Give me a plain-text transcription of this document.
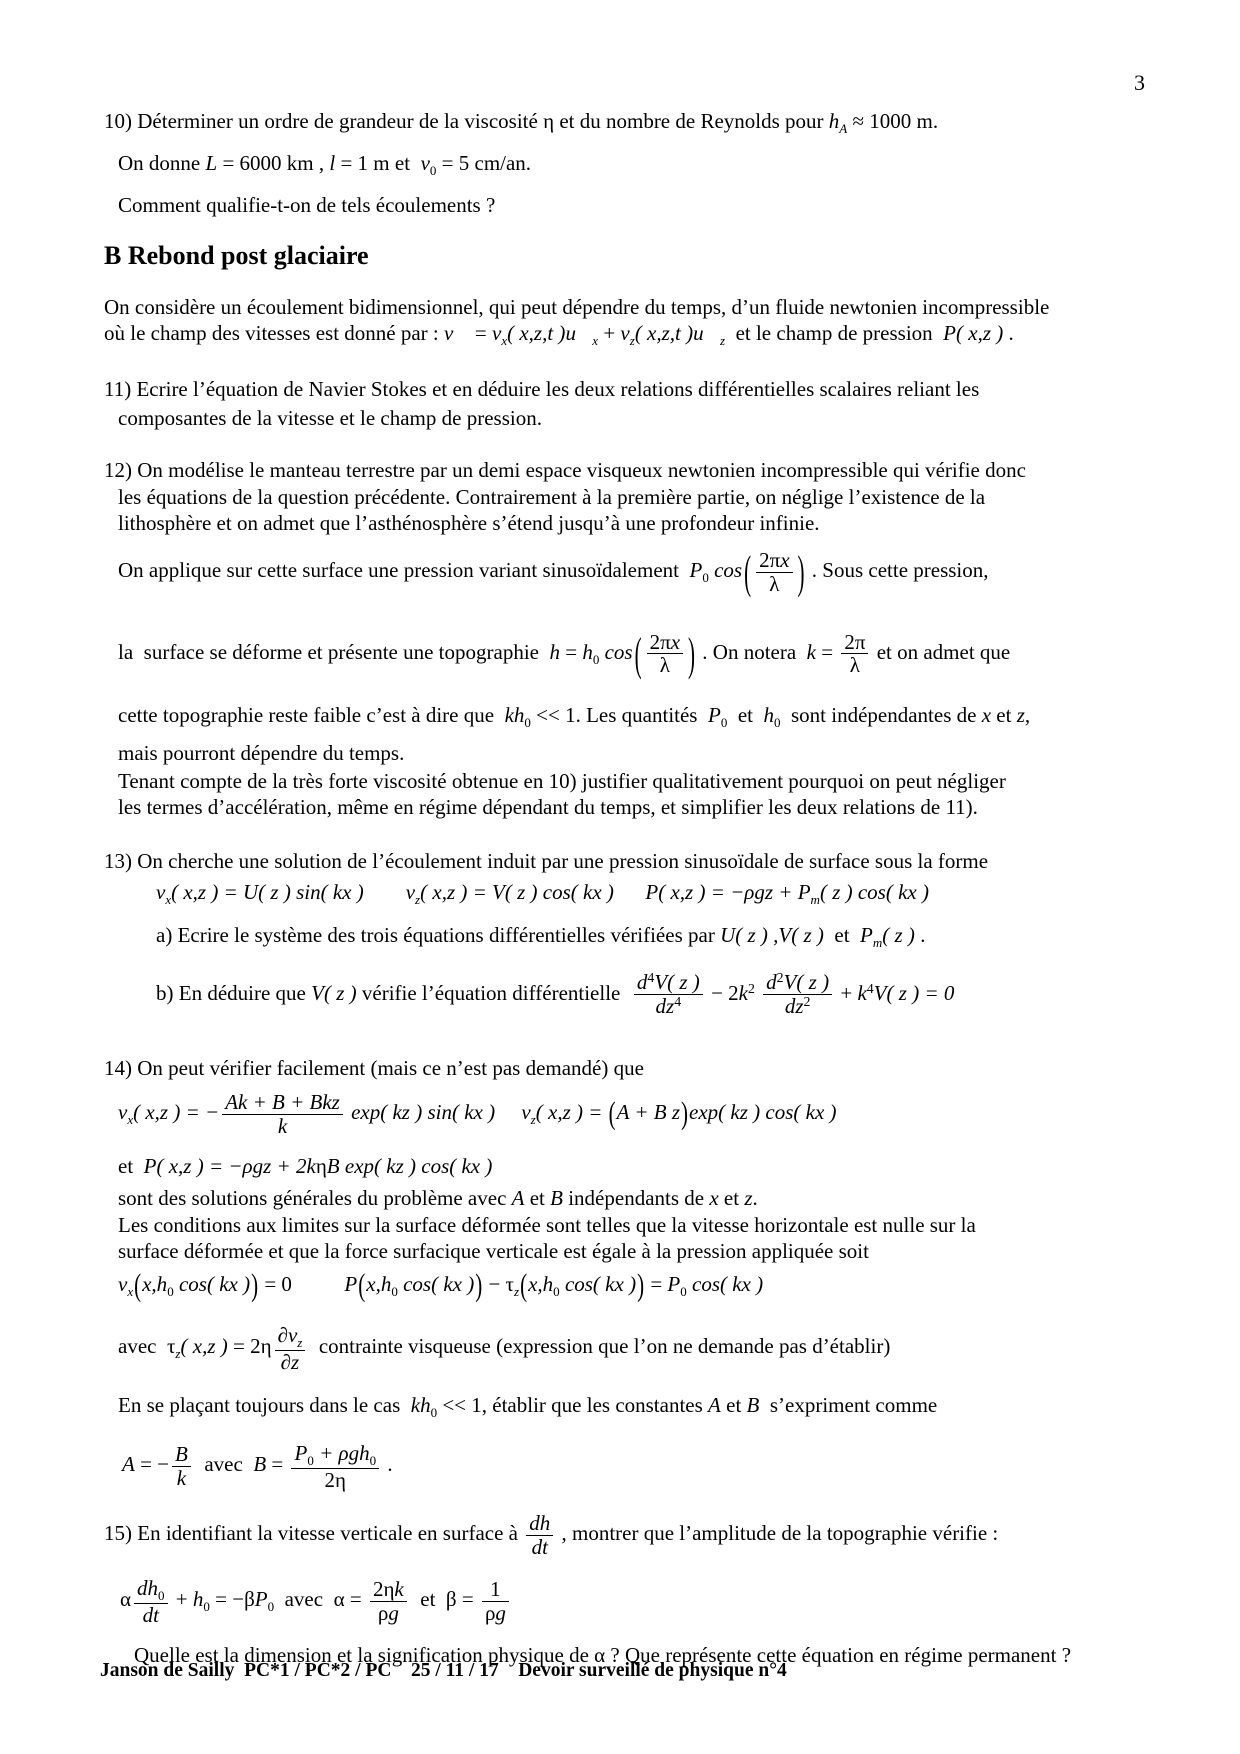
3
10) Déterminer un ordre de grandeur de la viscosité η et du nombre de Reynolds pour $h_A \approx 1000$ m.
On donne L = 6000 km , l = 1 m et  $v_0 = 5$ cm/an.
Comment qualifie-t-on de tels écoulements ?
B Rebond post glaciaire
On considère un écoulement bidimensionnel, qui peut dépendre du temps, d’un fluide newtonien incompressible
où le champ des vitesses est donné par : v⃗ = $v_x$( x,z,t )$u⃗_x + v_z$( x,z,t )$u⃗_z$  et le champ de pression  P( x,z ) .
11) Ecrire l’équation de Navier Stokes et en déduire les deux relations différentielles scalaires reliant les
composantes de la vitesse et le champ de pression.
12) On modélise le manteau terrestre par un demi espace visqueux newtonien incompressible qui vérifie donc
les équations de la question précédente. Contrairement à la première partie, on néglige l’existence de la
lithosphère et on admet que l’asthénosphère s’étend jusqu’à une profondeur infinie.
On applique sur cette surface une pression variant sinusoïdalement  $P_0$ $\cos( \frac{2\pi x}{\lambda}$ ) . Sous cette pression,
la  surface se déforme et présente une topographie  $h = h_0$ $\cos( \frac{2\pi x}{\lambda}$ ) . On notera  $k = \frac{2\pi}{\lambda}$ et on admet que
cette topographie reste faible c’est à dire que  $kh_0 << 1$. Les quantités  $P_0$  et  $h_0$  sont indépendantes de x et z,
mais pourront dépendre du temps.
Tenant compte de la très forte viscosité obtenue en 10) justifier qualitativement pourquoi on peut négliger
les termes d’accélération, même en régime dépendant du temps, et simplifier les deux relations de 11).
13) On cherche une solution de l’écoulement induit par une pression sinusoïdale de surface sous la forme
$v_x$( x,z ) = U( z ) sin( kx ) $v_z$( x,z ) = V( z ) cos( kx ) P( x,z ) = $-\rho gz + P_m$( z ) cos( kx )
a) Ecrire le système des trois équations différentielles vérifiées par U( z ) ,V( z )  et  $P_m$( z ) .
b) En déduire que V( z ) vérifie l’équation différentielle $\frac{d^4V( z )}{dz^4} - 2k^2 \frac{d^2V( z )}{dz^2} + k^4V$( z ) = 0
14) On peut vérifier facilement (mais ce n’est pas demandé) que
$v_x$( x,z ) = − $\frac{\text{Ak + B + Bkz}}{k} \exp$( kz ) sin( kx ) $v_z$( x,z ) = (A + B z)exp( kz ) cos( kx )
et  P( x,z ) = −ρgz + 2kηB exp( kz ) cos( kx )
sont des solutions générales du problème avec A et B indépendants de x et z.
Les conditions aux limites sur la surface déformée sont telles que la vitesse horizontale est nulle sur la
surface déformée et que la force surfacique verticale est égale à la pression appliquée soit
$v_x(x,h_0$ cos( kx )) = 0	$P(x,h_0$ cos( kx )) − $\tau_z(x,h_0$ cos( kx )) = $P_0$ cos( kx )
avec  $\tau_z$( x,z ) = $2\eta \frac{\partial v_z}{\partial z}$ contrainte visqueuse (expression que l’on ne demande pas d’établir)
En se plaçant toujours dans le cas  $kh_0 << 1$, établir que les constantes A et B  s’expriment comme
A = − $\frac{B}{k}$ avec  $B = \frac{P_0 + \rho gh_0}{2\eta}$ .
15) En identifiant la vitesse verticale en surface à $\frac{dh}{dt}$ , montrer que l’amplitude de la topographie vérifie :
α $\frac{dh_0}{dt} + h_0 = -\beta P_0$  avec  $\alpha = \frac{2\eta k}{\rho g}$ et  $\beta = \frac{1}{\rho g}$
Quelle est la dimension et la signification physique de α ? Que représente cette équation en régime permanent ?
Janson de Sailly  PC*1 / PC*2 / PC    25 / 11 / 17    Devoir surveillé de physique n°4
